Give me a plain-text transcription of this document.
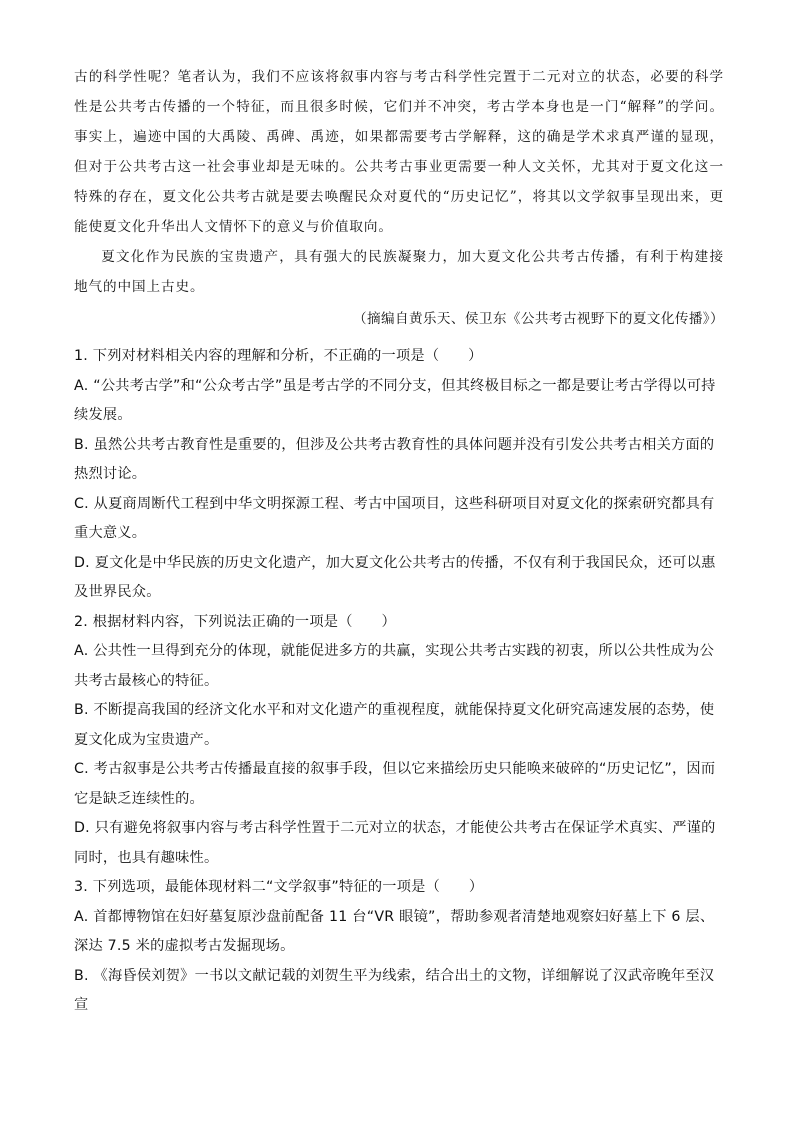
古的科学性呢？笔者认为，我们不应该将叙事内容与考古科学性完置于二元对立的状态，必要的科学性是公共考古传播的一个特征，而且很多时候，它们并不冲突，考古学本身也是一门“解释”的学问。事实上，遍迹中国的大禹陵、禹碑、禹迹，如果都需要考古学解释，这的确是学术求真严谨的显现，但对于公共考古这一社会事业却是无味的。公共考古事业更需要一种人文关怀，尤其对于夏文化这一特殊的存在，夏文化公共考古就是要去唤醒民众对夏代的“历史记忆”，将其以文学叙事呈现出来，更能使夏文化升华出人文情怀下的意义与价值取向。

夏文化作为民族的宝贵遗产，具有强大的民族凝聚力，加大夏文化公共考古传播，有利于构建接地气的中国上古史。

（摘编自黄乐天、侯卫东《公共考古视野下的夏文化传播》）

1. 下列对材料相关内容的理解和分析，不正确的一项是（　　）

A. “公共考古学”和“公众考古学”虽是考古学的不同分支，但其终极目标之一都是要让考古学得以可持续发展。

B. 虽然公共考古教育性是重要的，但涉及公共考古教育性的具体问题并没有引发公共考古相关方面的热烈讨论。

C. 从夏商周断代工程到中华文明探源工程、考古中国项目，这些科研项目对夏文化的探索研究都具有重大意义。

D. 夏文化是中华民族的历史文化遗产，加大夏文化公共考古的传播，不仅有利于我国民众，还可以惠及世界民众。

2. 根据材料内容，下列说法正确的一项是（　　）

A. 公共性一旦得到充分的体现，就能促进多方的共赢，实现公共考古实践的初衷，所以公共性成为公共考古最核心的特征。

B. 不断提高我国的经济文化水平和对文化遗产的重视程度，就能保持夏文化研究高速发展的态势，使夏文化成为宝贵遗产。

C. 考古叙事是公共考古传播最直接的叙事手段，但以它来描绘历史只能唤来破碎的“历史记忆”，因而它是缺乏连续性的。

D. 只有避免将叙事内容与考古科学性置于二元对立的状态，才能使公共考古在保证学术真实、严谨的同时，也具有趣味性。

3. 下列选项，最能体现材料二“文学叙事”特征的一项是（　　）

A. 首都博物馆在妇好墓复原沙盘前配备 11 台“VR 眼镜”，帮助参观者清楚地观察妇好墓上下 6 层、深达 7.5 米的虚拟考古发掘现场。

B. 《海昏侯刘贺》一书以文献记载的刘贺生平为线索，结合出土的文物，详细解说了汉武帝晚年至汉宣
